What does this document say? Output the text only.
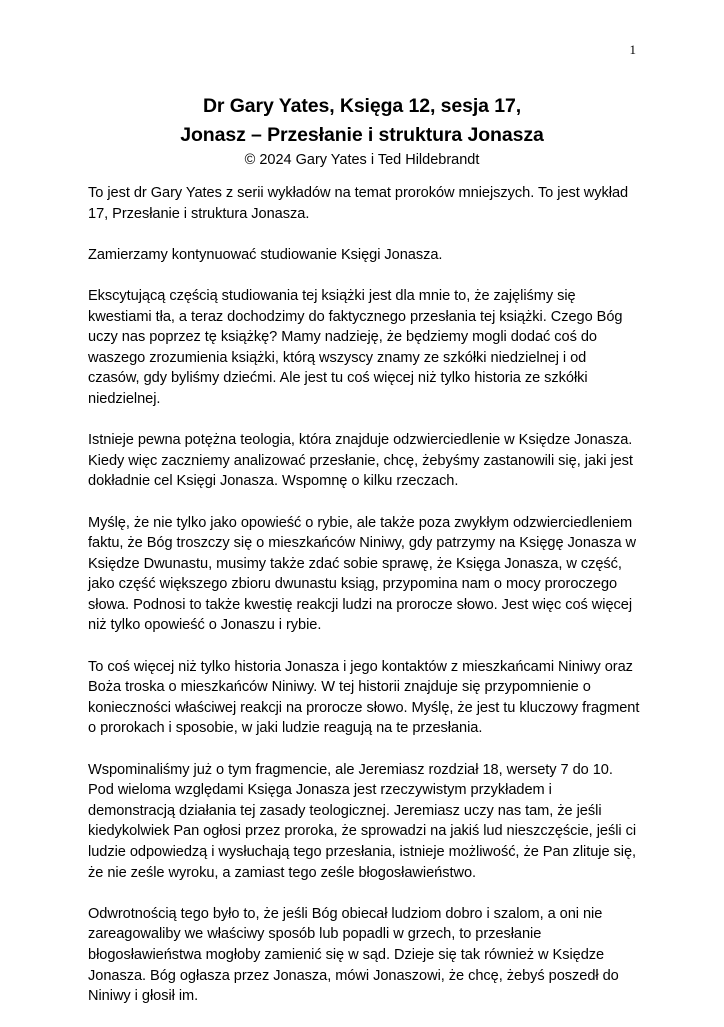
1
Dr Gary Yates, Księga 12, sesja 17,
Jonasz – Przesłanie i struktura Jonasza
© 2024 Gary Yates i Ted Hildebrandt

To jest dr Gary Yates z serii wykładów na temat proroków mniejszych. To jest wykład 17, Przesłanie i struktura Jonasza.

Zamierzamy kontynuować studiowanie Księgi Jonasza.

Ekscytującą częścią studiowania tej książki jest dla mnie to, że zajęliśmy się kwestiami tła, a teraz dochodzimy do faktycznego przesłania tej książki. Czego Bóg uczy nas poprzez tę książkę? Mamy nadzieję, że będziemy mogli dodać coś do waszego zrozumienia książki, którą wszyscy znamy ze szkółki niedzielnej i od czasów, gdy byliśmy dziećmi. Ale jest tu coś więcej niż tylko historia ze szkółki niedzielnej.

Istnieje pewna potężna teologia, która znajduje odzwierciedlenie w Księdze Jonasza. Kiedy więc zaczniemy analizować przesłanie, chcę, żebyśmy zastanowili się, jaki jest dokładnie cel Księgi Jonasza. Wspomnę o kilku rzeczach.

Myślę, że nie tylko jako opowieść o rybie, ale także poza zwykłym odzwierciedleniem faktu, że Bóg troszczy się o mieszkańców Niniwy, gdy patrzymy na Księgę Jonasza w Księdze Dwunastu, musimy także zdać sobie sprawę, że Księga Jonasza, w część, jako część większego zbioru dwunastu ksiąg, przypomina nam o mocy proroczego słowa. Podnosi to także kwestię reakcji ludzi na prorocze słowo. Jest więc coś więcej niż tylko opowieść o Jonaszu i rybie.

To coś więcej niż tylko historia Jonasza i jego kontaktów z mieszkańcami Niniwy oraz Boża troska o mieszkańców Niniwy. W tej historii znajduje się przypomnienie o konieczności właściwej reakcji na prorocze słowo. Myślę, że jest tu kluczowy fragment o prorokach i sposobie, w jaki ludzie reagują na te przesłania.

Wspominaliśmy już o tym fragmencie, ale Jeremiasz rozdział 18, wersety 7 do 10. Pod wieloma względami Księga Jonasza jest rzeczywistym przykładem i demonstracją działania tej zasady teologicznej. Jeremiasz uczy nas tam, że jeśli kiedykolwiek Pan ogłosi przez proroka, że sprowadzi na jakiś lud nieszczęście, jeśli ci ludzie odpowiedzą i wysłuchają tego przesłania, istnieje możliwość, że Pan zlituje się, że nie ześle wyroku, a zamiast tego ześle błogosławieństwo.

Odwrotnością tego było to, że jeśli Bóg obiecał ludziom dobro i szalom, a oni nie zareagowaliby we właściwy sposób lub popadli w grzech, to przesłanie błogosławieństwa mogłoby zamienić się w sąd. Dzieje się tak również w Księdze Jonasza. Bóg ogłasza przez Jonasza, mówi Jonaszowi, że chcę, żebyś poszedł do Niniwy i głosił im.
